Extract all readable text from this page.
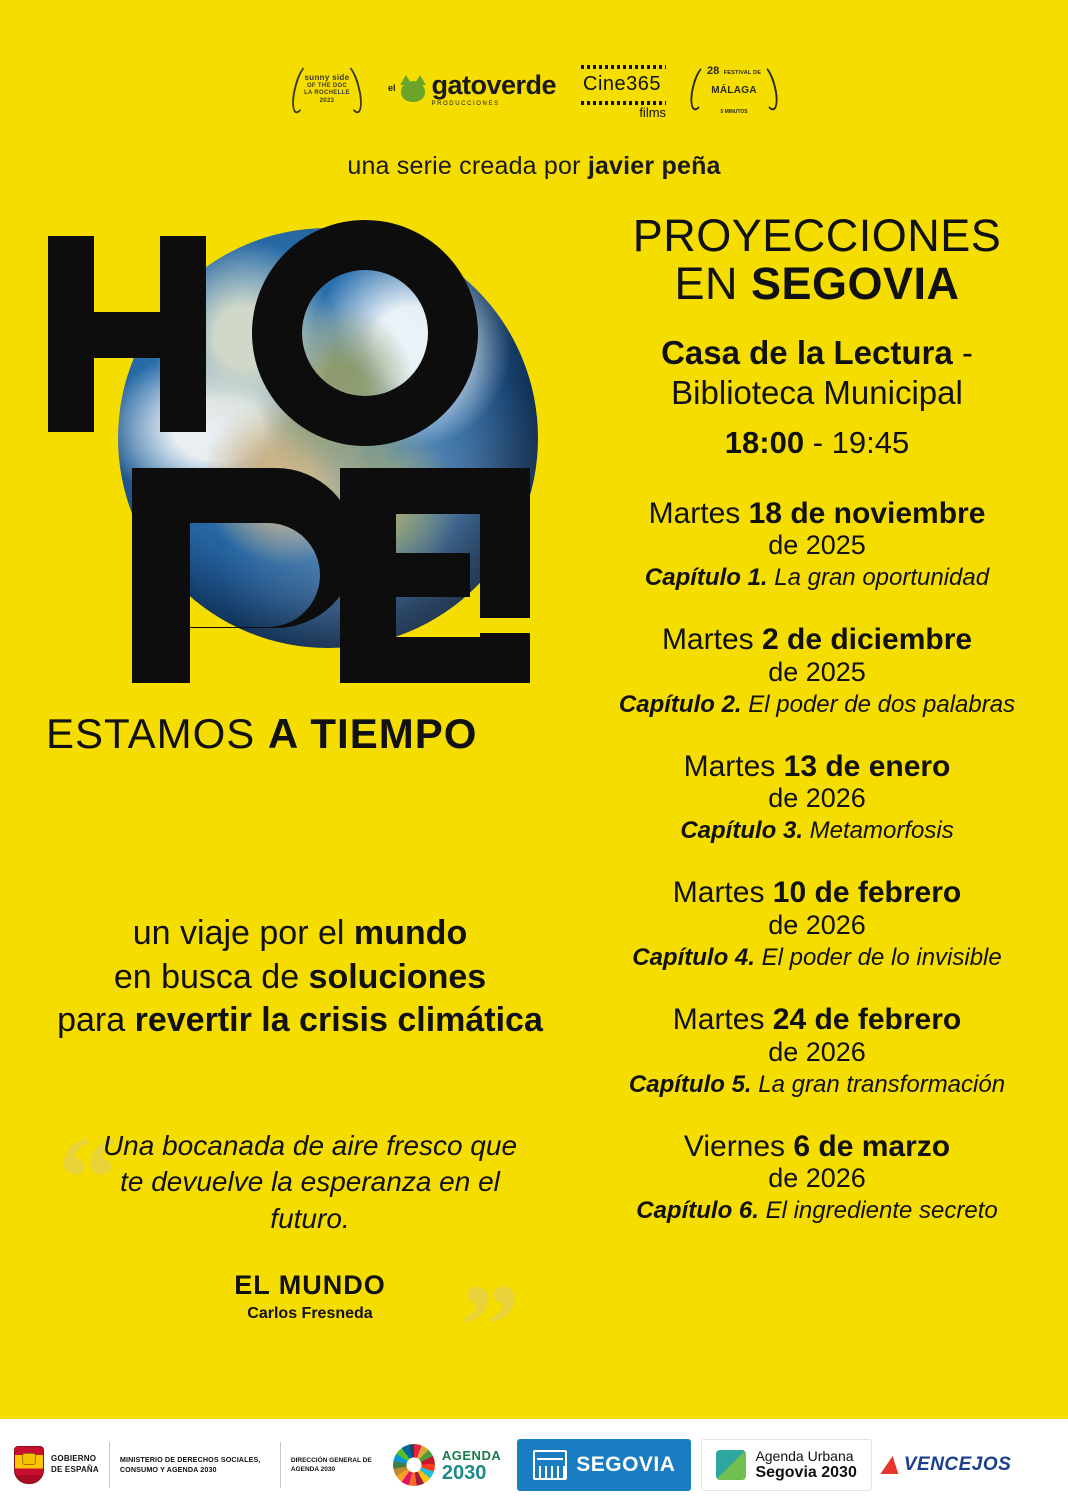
sunny side
OF THE DOC
LA ROCHELLE
2023
el gatoverde
PRODUCCIONES
Cine365
films
28 FESTIVAL DE
MÁLAGA
5 MINUTOS
una serie creada por javier peña
ESTAMOS A TIEMPO
un viaje por el mundo
en busca de soluciones
para revertir la crisis climática
“
”
Una bocanada de aire fresco que te devuelve la esperanza en el futuro.
EL MUNDO
Carlos Fresneda
PROYECCIONES
EN SEGOVIA
Casa de la Lectura -
Biblioteca Municipal
18:00 - 19:45
Martes 18 de noviembre
de 2025
Capítulo 1. La gran oportunidad
Martes 2 de diciembre
de 2025
Capítulo 2. El poder de dos palabras
Martes 13 de enero
de 2026
Capítulo 3. Metamorfosis
Martes 10 de febrero
de 2026
Capítulo 4. El poder de lo invisible
Martes 24 de febrero
de 2026
Capítulo 5. La gran transformación
Viernes 6 de marzo
de 2026
Capítulo 6. El ingrediente secreto
GOBIERNO
DE ESPAÑA
MINISTERIO DE DERECHOS SOCIALES, CONSUMO Y AGENDA 2030
DIRECCIÓN GENERAL DE AGENDA 2030
AGENDA
2030	SEGOVIA	Agenda Urbana
Segovia 2030 VENCEJOS
